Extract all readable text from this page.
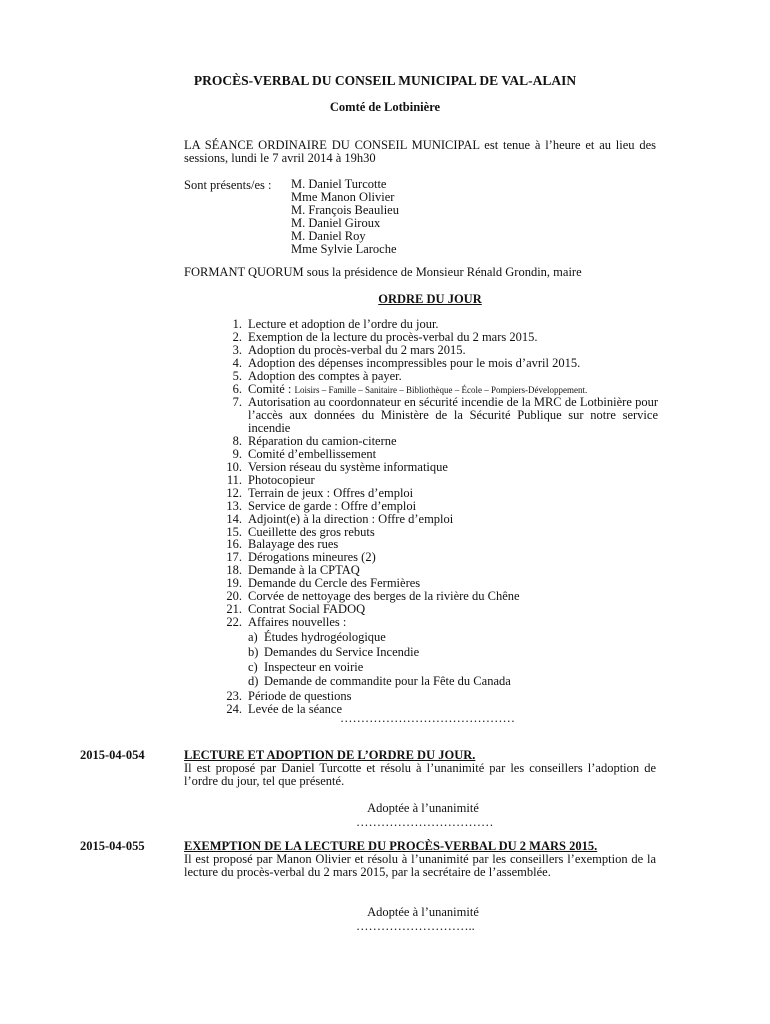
PROCÈS-VERBAL DU CONSEIL MUNICIPAL DE VAL-ALAIN
Comté de Lotbinière
LA SÉANCE ORDINAIRE DU CONSEIL MUNICIPAL est tenue à l’heure et au lieu des sessions, lundi le 7 avril 2014 à 19h30
Sont présents/es : M. Daniel Turcotte
Mme Manon Olivier
M. François Beaulieu
M. Daniel Giroux
M. Daniel Roy
Mme Sylvie Laroche
FORMANT QUORUM sous la présidence de Monsieur Rénald Grondin, maire
ORDRE DU JOUR
1. Lecture et adoption de l’ordre du jour.
2. Exemption de la lecture du procès-verbal du 2 mars 2015.
3. Adoption du procès-verbal du 2 mars 2015.
4. Adoption des dépenses incompressibles pour le mois d’avril 2015.
5. Adoption des comptes à payer.
6. Comité : Loisirs – Famille – Sanitaire – Bibliothèque – École – Pompiers-Développement.
7. Autorisation au coordonnateur en sécurité incendie de la MRC de Lotbinière pour l’accès aux données du Ministère de la Sécurité Publique sur notre service incendie
8. Réparation du camion-citerne
9. Comité d’embellissement
10. Version réseau du système informatique
11. Photocopieur
12. Terrain de jeux : Offres d’emploi
13. Service de garde : Offre d’emploi
14. Adjoint(e) à la direction : Offre d’emploi
15. Cueillette des gros rebuts
16. Balayage des rues
17. Dérogations mineures (2)
18. Demande à la CPTAQ
19. Demande du Cercle des Fermières
20. Corvée de nettoyage des berges de la rivière du Chêne
21. Contrat Social FADOQ
22. Affaires nouvelles :
a) Études hydrogéologique
b) Demandes du Service Incendie
c) Inspecteur en voirie
d) Demande de commandite pour la Fête du Canada
23. Période de questions
24. Levée de la séance
……………………………………
2015-04-054	LECTURE ET ADOPTION DE L’ORDRE DU JOUR.
Il est proposé par Daniel Turcotte et résolu à l’unanimité par les conseillers l’adoption de l’ordre du jour, tel que présenté.
Adoptée à l’unanimité
……………………………
2015-04-055	EXEMPTION DE LA LECTURE DU PROCÈS-VERBAL DU 2 MARS 2015.
Il est proposé par Manon Olivier et résolu à l’unanimité par les conseillers l’exemption de la lecture du procès-verbal du 2 mars 2015, par la secrétaire de l’assemblée.
Adoptée à l’unanimité
………………………..
